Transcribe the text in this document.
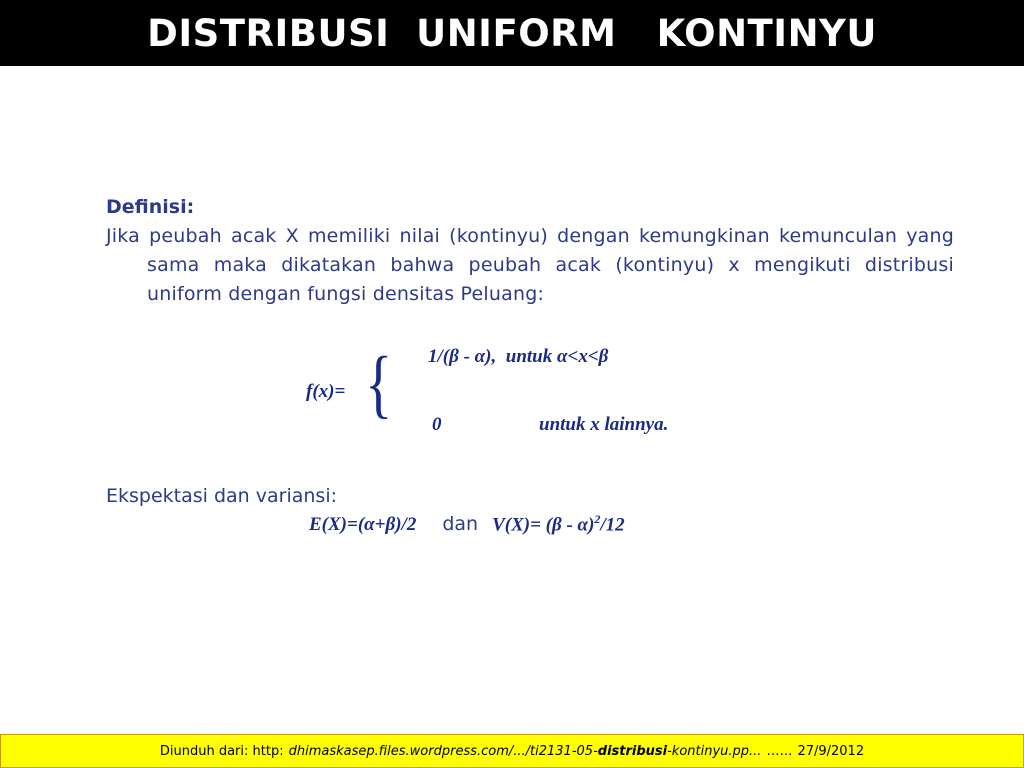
DISTRIBUSI  UNIFORM   KONTINYU

Definisi:

Jika peubah acak X memiliki nilai (kontinyu) dengan kemungkinan kemunculan yang sama maka dikatakan bahwa peubah acak (kontinyu) x mengikuti distribusi uniform dengan fungsi densitas Peluang:

f(x)= { 1/(β - α),  untuk α<x<β
0	untuk x lainnya.
Ekspektasi dan variansi:
E(X)=(α+β)/2 dan V(X)= (β - α)$^2$/12
Diunduh dari: http: dhimaskasep.files.wordpress.com/.../ti2131-05-distribusi-kontinyu.pp... …… 27/9/2012
